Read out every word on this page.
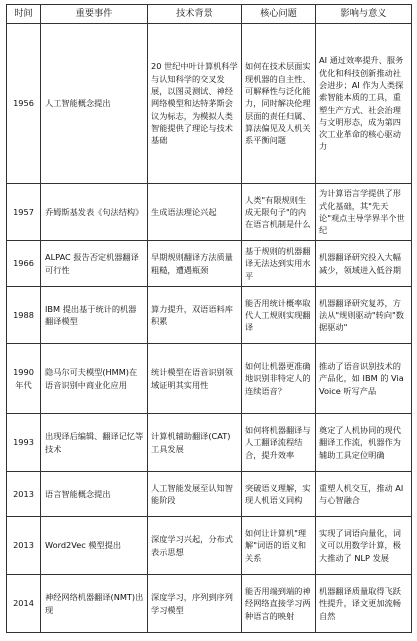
时间	重要事件	技术背景	核心问题	影响与意义
1956	人工智能概念提出	20 世纪中叶计算机科学与认知科学的交叉发展，以图灵测试、神经网络模型和达特茅斯会议为标志，为模拟人类智能提供了理论与技术基础	如何在技术层面实现机器的自主性、可解释性与泛化能力，同时解决伦理层面的责任归属、算法偏见及人机关系平衡问题	AI 通过效率提升、服务优化和科技创新推动社会进步；AI 作为人类探索智能本质的工具，重塑生产方式、社会治理与文明形态，成为第四次工业革命的核心驱动力
1957	乔姆斯基发表《句法结构》	生成语法理论兴起	人类"有限规则生成无限句子"的内在语言机制是什么	为计算语言学提供了形式化基础，其"先天论"观点主导学界半个世纪
1966	ALPAC 报告否定机器翻译可行性	早期规则翻译方法质量粗糙，遭遇瓶颈	基于规则的机器翻译无法达到实用水平	机器翻译研究投入大幅减少，领域进入低谷期
1988	IBM 提出基于统计的机器翻译模型	算力提升，双语语料库积累	能否用统计概率取代人工规则实现翻译	机器翻译研究复苏，方法从"规则驱动"转向"数据驱动"
1990年代	隐马尔可夫模型(HMM)在语音识别中商业化应用	统计模型在语音识别领域证明其实用性	如何让机器更准确地识别非特定人的连续语音？	推动了语音识别技术的产品化，如 IBM 的 ViaVoice 听写产品
1993	出现译后编辑、翻译记忆等技术	计算机辅助翻译(CAT)工具发展	如何将机器翻译与人工翻译流程结合，提升效率	奠定了人机协同的现代翻译工作流，机器作为辅助工具定位明确
2013	语言智能概念提出	人工智能发展至认知智能阶段	突破语义理解，实现人机语义同构	重塑人机交互，推动 AI 与心智融合
2013	Word2Vec 模型提出	深度学习兴起，分布式表示思想	如何让计算机"理解"词语的语义和关系	实现了词语向量化，词义可以用数学计算，极大推动了 NLP 发展
2014	神经网络机器翻译(NMT)出现	深度学习，序列到序列学习模型	能否用端到端的神经网络直接学习两种语言的映射	机器翻译质量取得飞跃性提升，译文更加流畅自然
